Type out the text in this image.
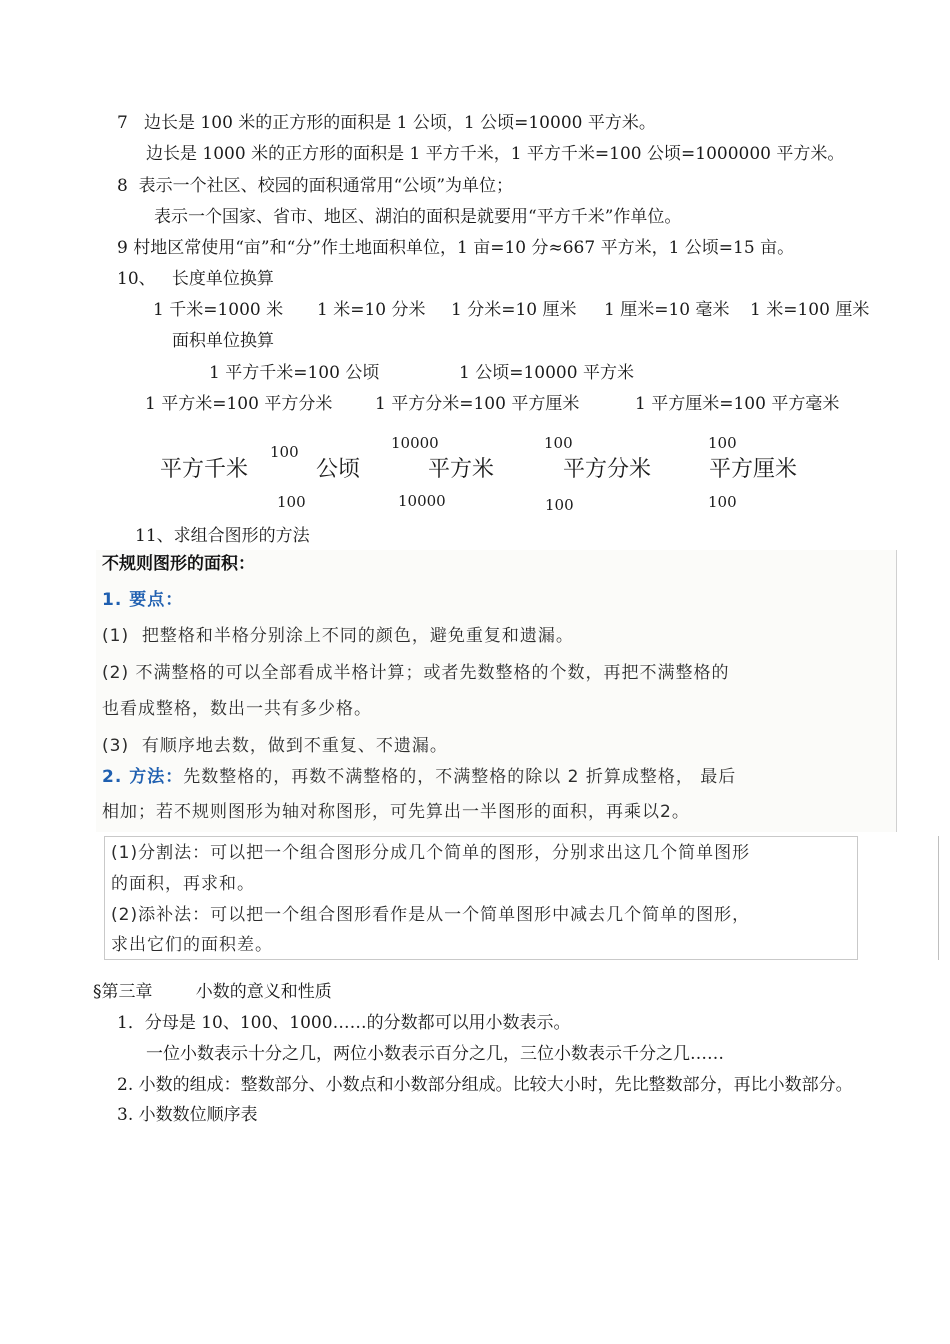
7   边长是 100 米的正方形的面积是 1 公顷，1 公顷=10000 平方米。
边长是 1000 米的正方形的面积是 1 平方千米，1 平方千米=100 公顷=1000000 平方米。
8  表示一个社区、校园的面积通常用“公顷”为单位；
表示一个国家、省市、地区、湖泊的面积是就要用“平方千米”作单位。
9 村地区常使用“亩”和“分”作土地面积单位，1 亩=10 分≈667 平方米，1 公顷=15 亩。
10、   长度单位换算
1 千米=1000 米 1 米=10 分米 1 分米=10 厘米 1 厘米=10 毫米 1 米=100 厘米
面积单位换算
1 平方千米=100 公顷	1 公顷=10000 平方米
1 平方米=100 平方分米	1 平方分米=100 平方厘米	1 平方厘米=100 平方毫米
平方千米	公顷	平方米	平方分米	平方厘米
100	10000	100	100
100	10000	100	100
11、求组合图形的方法
不规则图形的面积：
1. 要点：
(1)  把整格和半格分别涂上不同的颜色，避免重复和遗漏。
(2) 不满整格的可以全部看成半格计算；或者先数整格的个数，再把不满整格的
也看成整格，数出一共有多少格。
(3)  有顺序地去数，做到不重复、不遗漏。
2. 方法：先数整格的，再数不满整格的，不满整格的除以 2 折算成整格， 最后
相加；若不规则图形为轴对称图形，可先算出一半图形的面积，再乘以2。
(1)分割法：可以把一个组合图形分成几个简单的图形，分别求出这几个简单图形
的面积，再求和。
(2)添补法：可以把一个组合图形看作是从一个简单图形中减去几个简单的图形，
求出它们的面积差。
§第三章        小数的意义和性质
1．分母是 10、100、1000……的分数都可以用小数表示。
一位小数表示十分之几，两位小数表示百分之几，三位小数表示千分之几……
2. 小数的组成：整数部分、小数点和小数部分组成。比较大小时，先比整数部分，再比小数部分。
3. 小数数位顺序表
